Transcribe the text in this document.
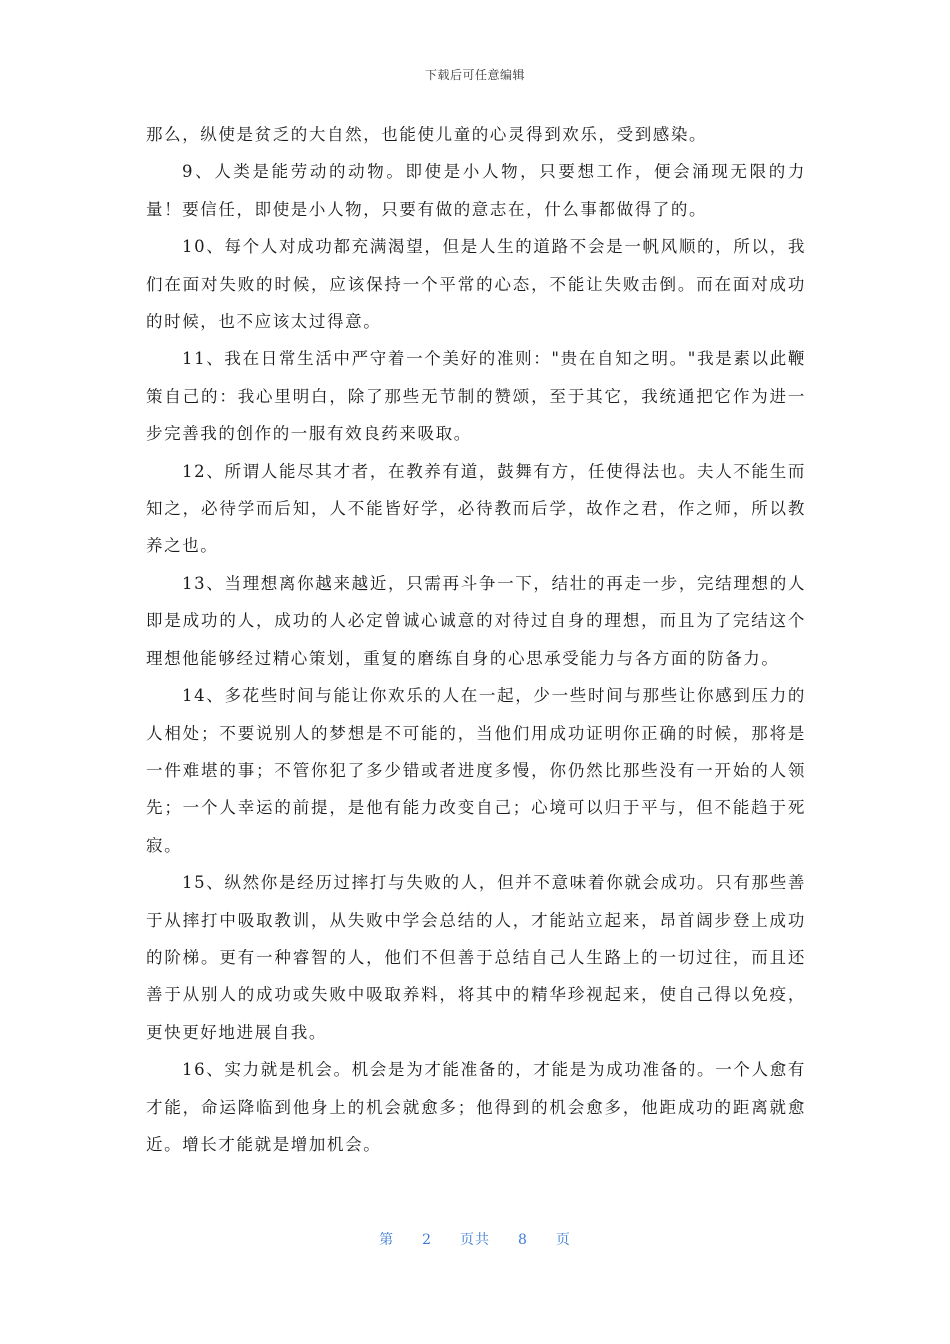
下载后可任意编辑

那么，纵使是贫乏的大自然，也能使儿童的心灵得到欢乐，受到感染。

9、人类是能劳动的动物。即使是小人物，只要想工作，便会涌现无限的力量！要信任，即使是小人物，只要有做的意志在，什么事都做得了的。

10、每个人对成功都充满渴望，但是人生的道路不会是一帆风顺的，所以，我们在面对失败的时候，应该保持一个平常的心态，不能让失败击倒。而在面对成功的时候，也不应该太过得意。

11、我在日常生活中严守着一个美好的准则："贵在自知之明。"我是素以此鞭策自己的：我心里明白，除了那些无节制的赞颂，至于其它，我统通把它作为进一步完善我的创作的一服有效良药来吸取。

12、所谓人能尽其才者，在教养有道，鼓舞有方，任使得法也。夫人不能生而知之，必待学而后知，人不能皆好学，必待教而后学，故作之君，作之师，所以教养之也。

13、当理想离你越来越近，只需再斗争一下，结壮的再走一步，完结理想的人即是成功的人，成功的人必定曾诚心诚意的对待过自身的理想，而且为了完结这个理想他能够经过精心策划，重复的磨练自身的心思承受能力与各方面的防备力。

14、多花些时间与能让你欢乐的人在一起，少一些时间与那些让你感到压力的人相处；不要说别人的梦想是不可能的，当他们用成功证明你正确的时候，那将是一件难堪的事；不管你犯了多少错或者进度多慢，你仍然比那些没有一开始的人领先；一个人幸运的前提，是他有能力改变自己；心境可以归于平与，但不能趋于死寂。

15、纵然你是经历过摔打与失败的人，但并不意味着你就会成功。只有那些善于从摔打中吸取教训，从失败中学会总结的人，才能站立起来，昂首阔步登上成功的阶梯。更有一种睿智的人，他们不但善于总结自己人生路上的一切过往，而且还善于从别人的成功或失败中吸取养料，将其中的精华珍视起来，使自己得以免疫，更快更好地进展自我。

16、实力就是机会。机会是为才能准备的，才能是为成功准备的。一个人愈有才能，命运降临到他身上的机会就愈多；他得到的机会愈多，他距成功的距离就愈近。增长才能就是增加机会。

第 2 页共 8 页
